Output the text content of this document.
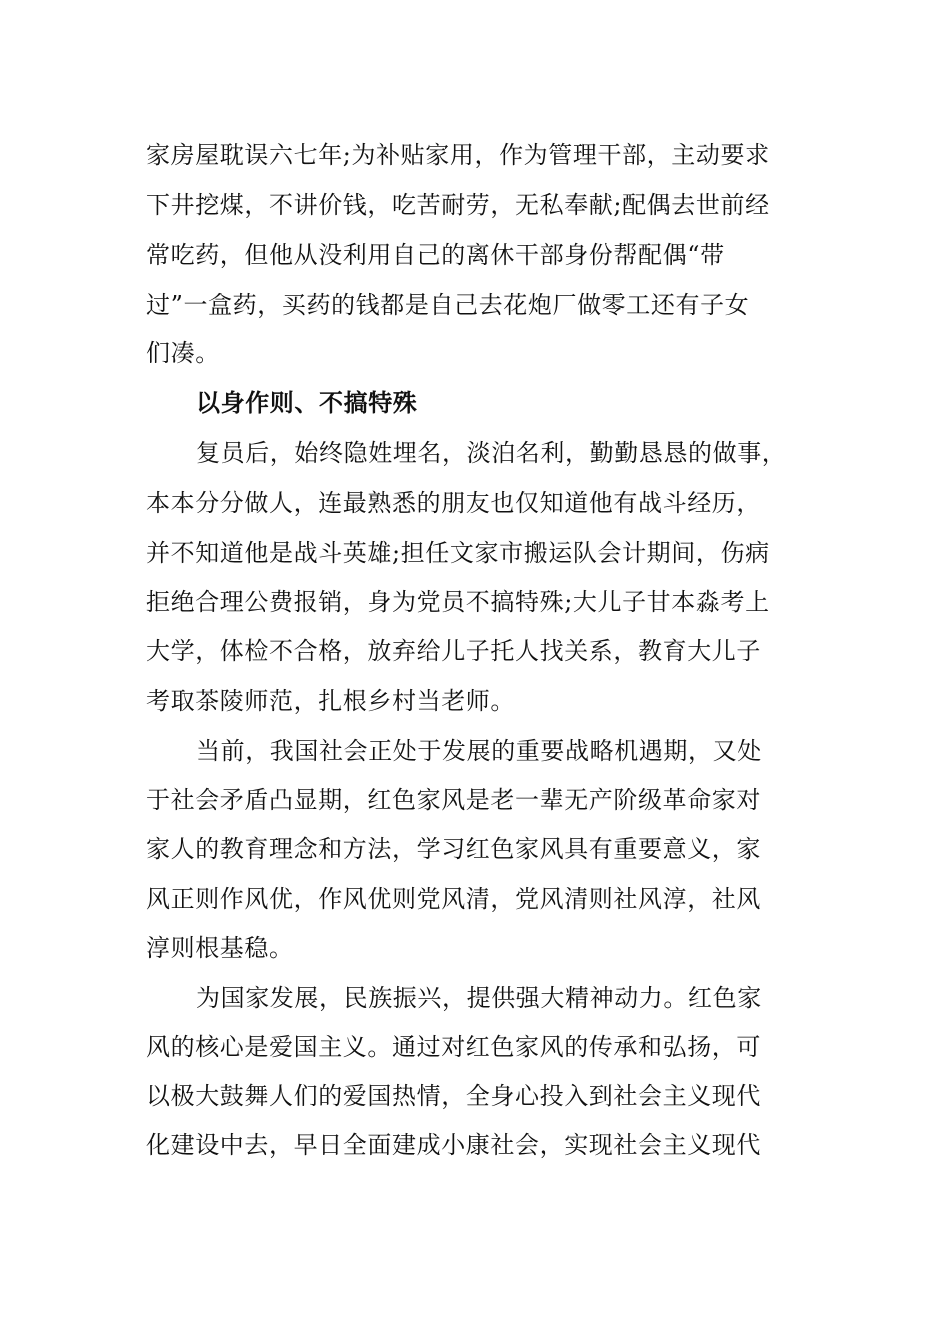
家房屋耽误六七年;为补贴家用，作为管理干部，主动要求
下井挖煤，不讲价钱，吃苦耐劳，无私奉献;配偶去世前经
常吃药，但他从没利用自己的离休干部身份帮配偶“带
过”一盒药，买药的钱都是自己去花炮厂做零工还有子女
们凑。
以身作则、不搞特殊
复员后，始终隐姓埋名，淡泊名利，勤勤恳恳的做事，
本本分分做人，连最熟悉的朋友也仅知道他有战斗经历，
并不知道他是战斗英雄;担任文家市搬运队会计期间，伤病
拒绝合理公费报销，身为党员不搞特殊;大儿子甘本淼考上
大学，体检不合格，放弃给儿子托人找关系，教育大儿子
考取茶陵师范，扎根乡村当老师。
当前，我国社会正处于发展的重要战略机遇期，又处
于社会矛盾凸显期，红色家风是老一辈无产阶级革命家对
家人的教育理念和方法，学习红色家风具有重要意义，家
风正则作风优，作风优则党风清，党风清则社风淳，社风
淳则根基稳。
为国家发展，民族振兴，提供强大精神动力。红色家
风的核心是爱国主义。通过对红色家风的传承和弘扬，可
以极大鼓舞人们的爱国热情，全身心投入到社会主义现代
化建设中去，早日全面建成小康社会，实现社会主义现代
